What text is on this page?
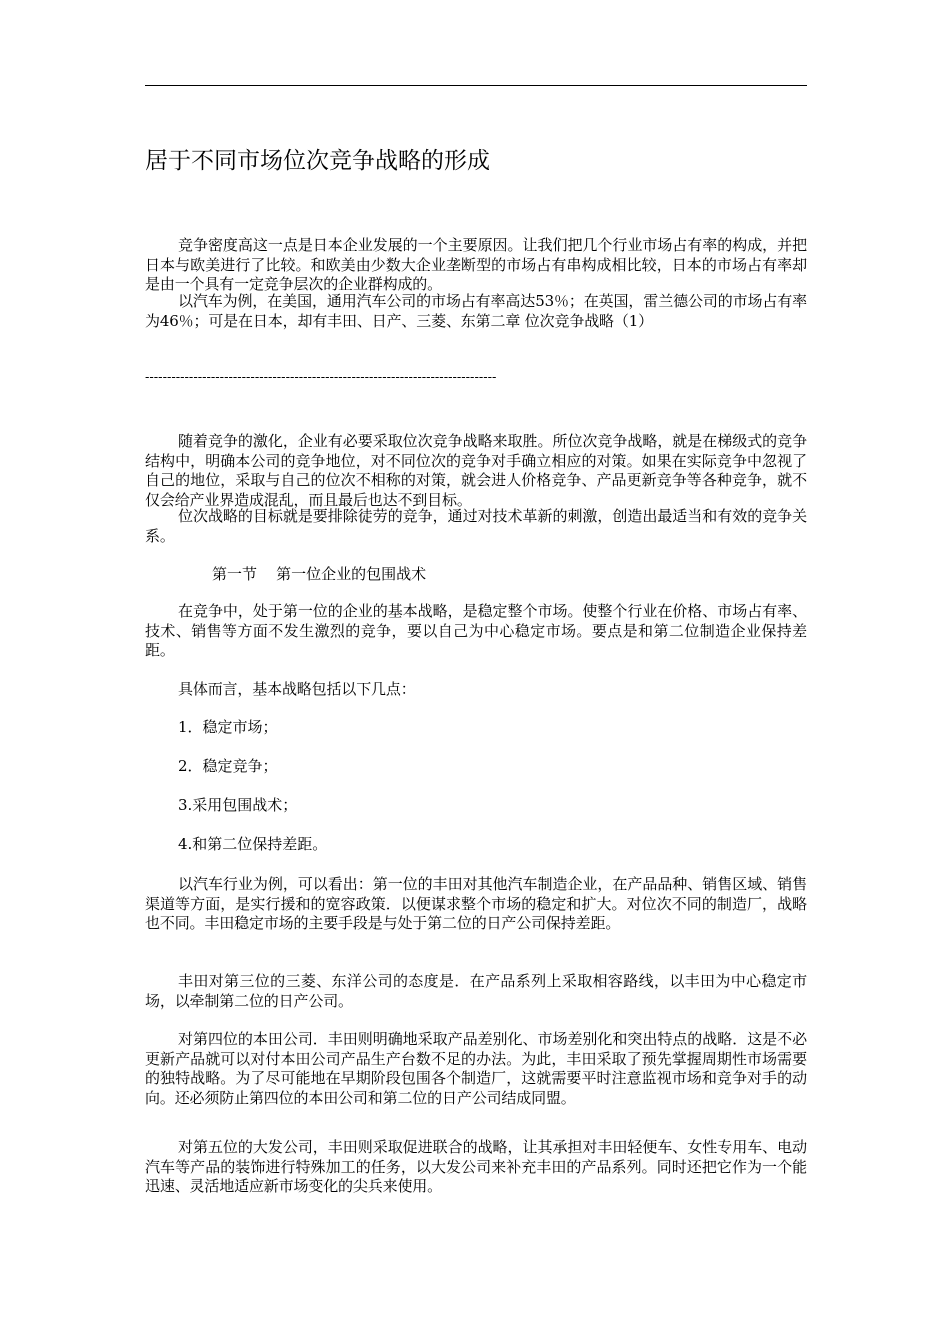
居于不同市场位次竞争战略的形成

竞争密度高这一点是日本企业发展的一个主要原因。让我们把几个行业市场占有率的构成，并把日本与欧美进行了比较。和欧美由少数大企业垄断型的市场占有串构成相比较，日本的市场占有率却是由一个具有一定竞争层次的企业群构成的。

以汽车为例，在美国，通用汽车公司的市场占有率高达53％；在英国，雷兰德公司的市场占有率为46％；可是在日本，却有丰田、日产、三菱、东第二章 位次竞争战略（1）

--------------------------------------------------------------------------------

随着竞争的激化，企业有必要采取位次竞争战略来取胜。所位次竞争战略，就是在梯级式的竞争结构中，明确本公司的竞争地位，对不同位次的竞争对手确立相应的对策。如果在实际竞争中忽视了自己的地位，采取与自己的位次不相称的对策，就会进人价格竞争、产品更新竞争等各种竞争，就不仅会给产业界造成混乱，而且最后也达不到目标。

位次战略的目标就是要排除徒劳的竞争，通过对技术革新的刺激，创造出最适当和有效的竞争关系。

第一节    第一位企业的包围战术

在竞争中，处于第一位的企业的基本战略，是稳定整个市场。使整个行业在价格、市场占有率、技术、销售等方面不发生激烈的竞争，要以自己为中心稳定市场。要点是和第二位制造企业保持差距。

具体而言，基本战略包括以下几点：

1．稳定市场；

2．稳定竞争；

3.采用包围战术；

4.和第二位保持差距。

以汽车行业为例，可以看出：第一位的丰田对其他汽车制造企业，在产品品种、销售区域、销售渠道等方面，是实行援和的宽容政策．以便谋求整个市场的稳定和扩大。对位次不同的制造厂，战略也不同。丰田稳定市场的主要手段是与处于第二位的日产公司保持差距。

丰田对第三位的三菱、东洋公司的态度是．在产品系列上采取相容路线，以丰田为中心稳定市场，以牵制第二位的日产公司。

对第四位的本田公司．丰田则明确地采取产品差别化、市场差别化和突出特点的战略．这是不必更新产品就可以对付本田公司产品生产台数不足的办法。为此，丰田采取了预先掌握周期性市场需要的独特战略。为了尽可能地在早期阶段包围各个制造厂，这就需要平时注意监视市场和竞争对手的动向。还必须防止第四位的本田公司和第二位的日产公司结成同盟。

对第五位的大发公司，丰田则采取促进联合的战略，让其承担对丰田轻便车、女性专用车、电动汽车等产品的装饰进行特殊加工的任务，以大发公司来补充丰田的产品系列。同时还把它作为一个能迅速、灵活地适应新市场变化的尖兵来使用。
